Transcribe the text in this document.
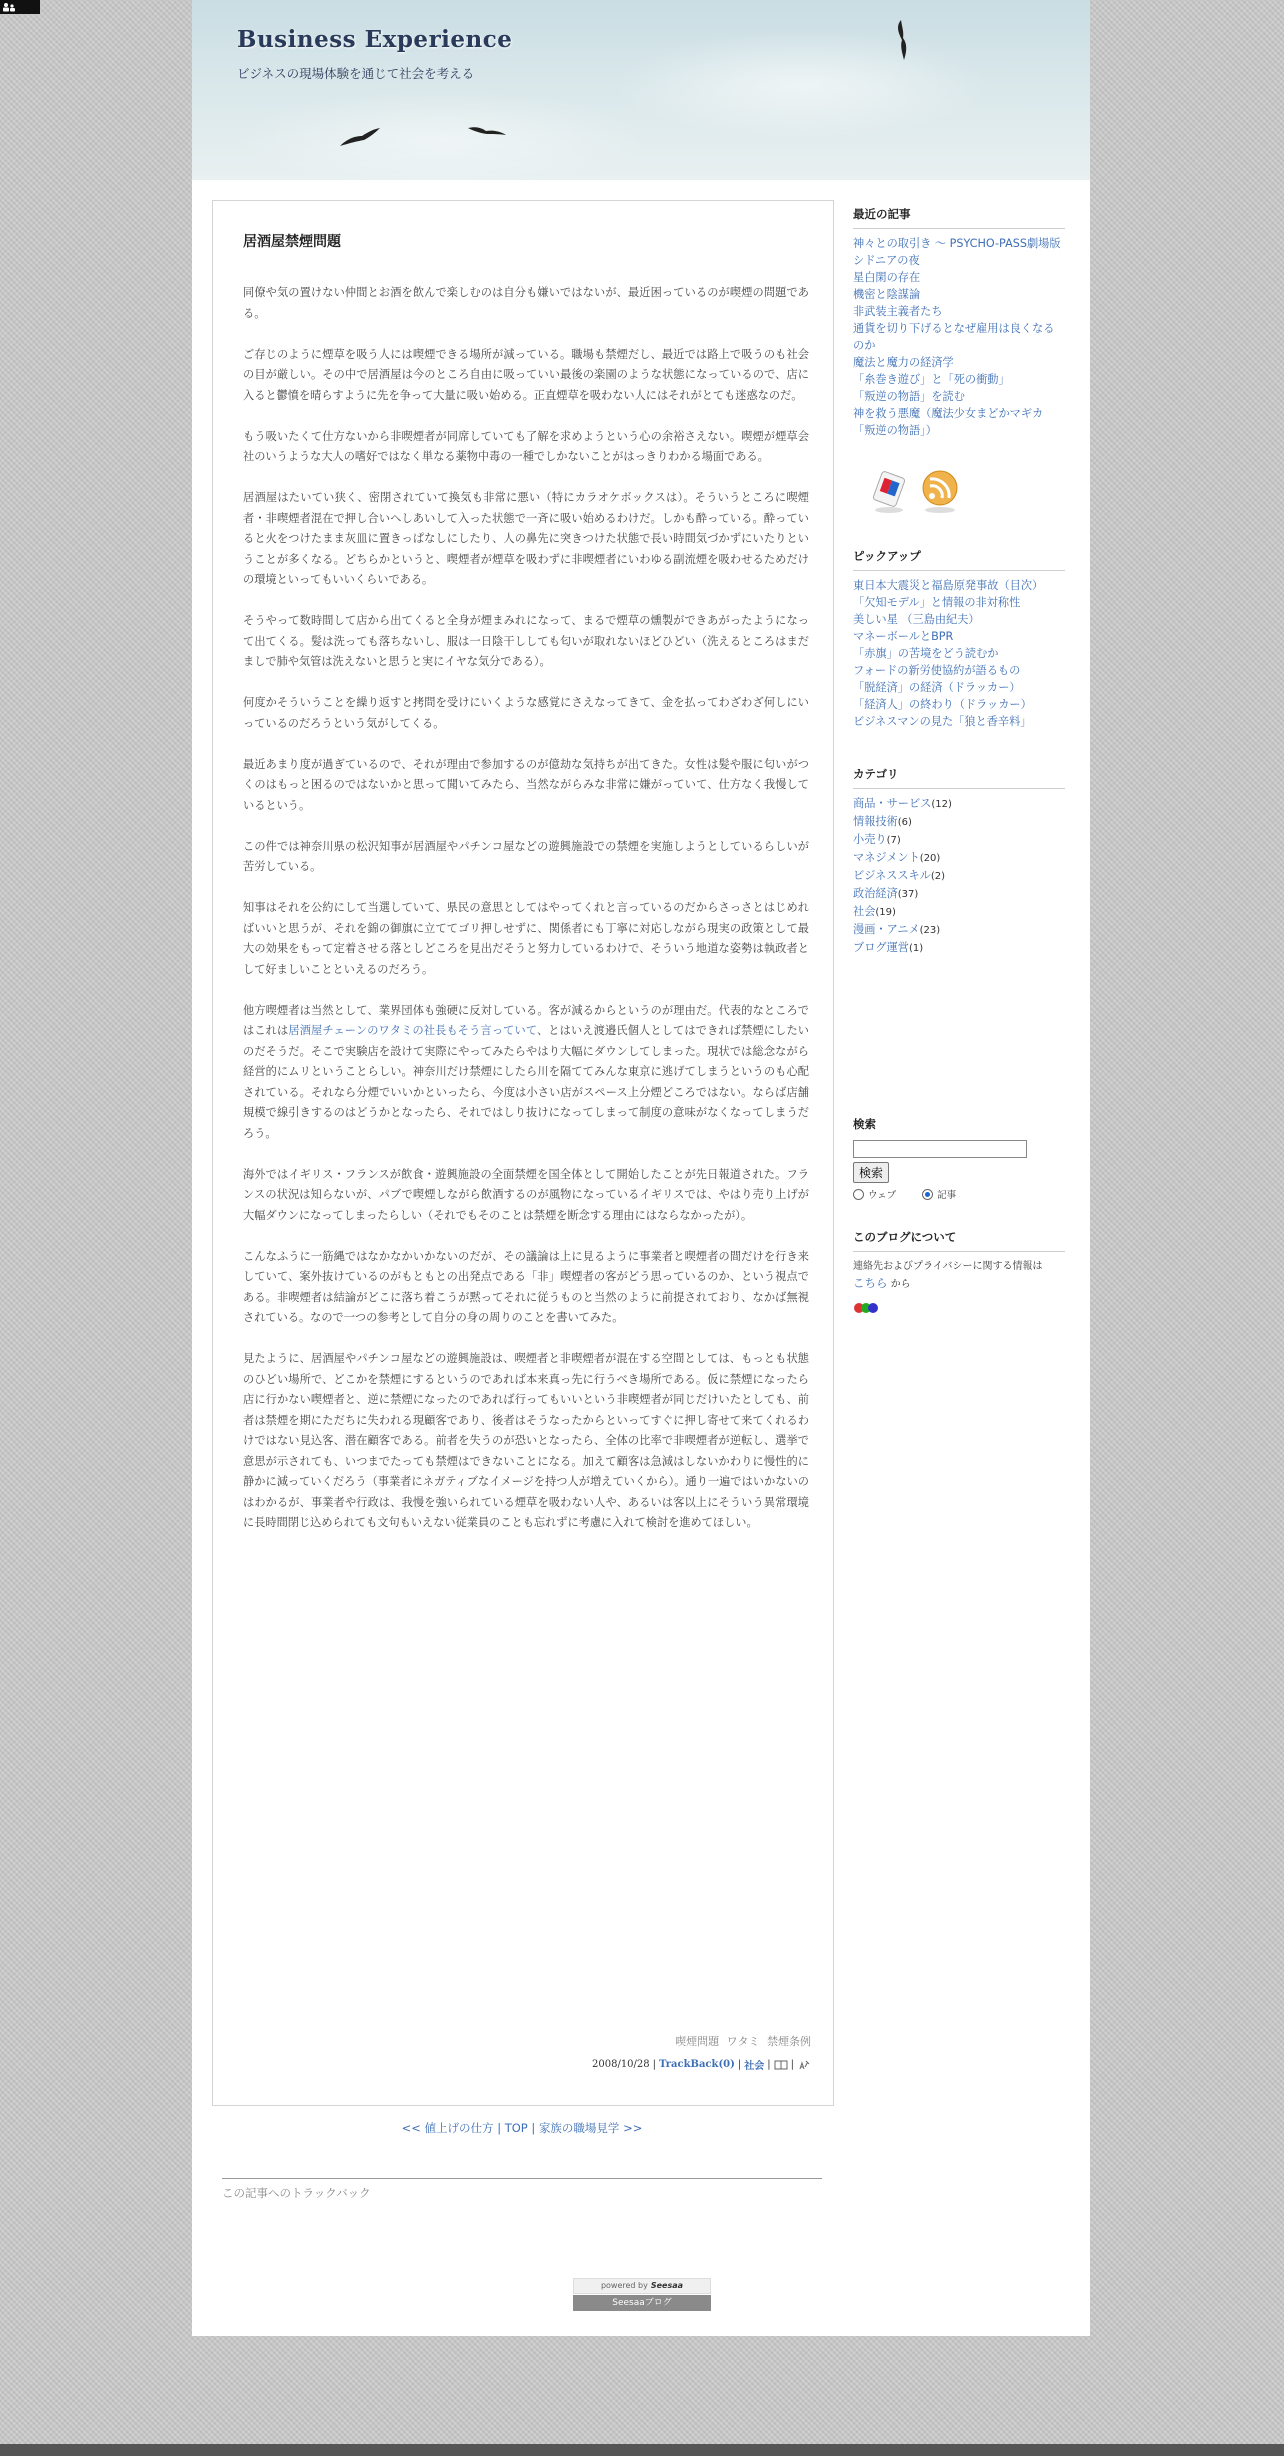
Business Experience

ビジネスの現場体験を通じて社会を考える

居酒屋禁煙問題

同僚や気の置けない仲間とお酒を飲んで楽しむのは自分も嫌いではないが、最近困っているのが喫煙の問題である。

ご存じのように煙草を吸う人には喫煙できる場所が減っている。職場も禁煙だし、最近では路上で吸うのも社会の目が厳しい。その中で居酒屋は今のところ自由に吸っていい最後の楽園のような状態になっているので、店に入ると鬱憤を晴らすように先を争って大量に吸い始める。正直煙草を吸わない人にはそれがとても迷惑なのだ。

もう吸いたくて仕方ないから非喫煙者が同席していても了解を求めようという心の余裕さえない。喫煙が煙草会社のいうような大人の嗜好ではなく単なる薬物中毒の一種でしかないことがはっきりわかる場面である。

居酒屋はたいてい狭く、密閉されていて換気も非常に悪い（特にカラオケボックスは）。そういうところに喫煙者・非喫煙者混在で押し合いへしあいして入った状態で一斉に吸い始めるわけだ。しかも酔っている。酔っていると火をつけたまま灰皿に置きっぱなしにしたり、人の鼻先に突きつけた状態で長い時間気づかずにいたりということが多くなる。どちらかというと、喫煙者が煙草を吸わずに非喫煙者にいわゆる副流煙を吸わせるためだけの環境といってもいいくらいである。

そうやって数時間して店から出てくると全身が煙まみれになって、まるで煙草の燻製ができあがったようになって出てくる。髪は洗っても落ちないし、服は一日陰干ししても匂いが取れないほどひどい（洗えるところはまだましで肺や気管は洗えないと思うと実にイヤな気分である）。

何度かそういうことを繰り返すと拷問を受けにいくような感覚にさえなってきて、金を払ってわざわざ何しにいっているのだろうという気がしてくる。

最近あまり度が過ぎているので、それが理由で参加するのが億劫な気持ちが出てきた。女性は髪や服に匂いがつくのはもっと困るのではないかと思って聞いてみたら、当然ながらみな非常に嫌がっていて、仕方なく我慢しているという。

この件では神奈川県の松沢知事が居酒屋やパチンコ屋などの遊興施設での禁煙を実施しようとしているらしいが苦労している。

知事はそれを公約にして当選していて、県民の意思としてはやってくれと言っているのだからさっさとはじめればいいと思うが、それを錦の御旗に立ててゴリ押しせずに、関係者にも丁寧に対応しながら現実の政策として最大の効果をもって定着させる落としどころを見出だそうと努力しているわけで、そういう地道な姿勢は執政者として好ましいことといえるのだろう。

他方喫煙者は当然として、業界団体も強硬に反対している。客が減るからというのが理由だ。代表的なところではこれは居酒屋チェーンのワタミの社長もそう言っていて、とはいえ渡邉氏個人としてはできれば禁煙にしたいのだそうだ。そこで実験店を設けて実際にやってみたらやはり大幅にダウンしてしまった。現状では総念ながら経営的にムリということらしい。神奈川だけ禁煙にしたら川を隔ててみんな東京に逃げてしまうというのも心配されている。それなら分煙でいいかといったら、今度は小さい店がスペース上分煙どころではない。ならば店舗規模で線引きするのはどうかとなったら、それではしり抜けになってしまって制度の意味がなくなってしまうだろう。

海外ではイギリス・フランスが飲食・遊興施設の全面禁煙を国全体として開始したことが先日報道された。フランスの状況は知らないが、パブで喫煙しながら飲酒するのが風物になっているイギリスでは、やはり売り上げが大幅ダウンになってしまったらしい（それでもそのことは禁煙を断念する理由にはならなかったが）。

こんなふうに一筋縄ではなかなかいかないのだが、その議論は上に見るように事業者と喫煙者の間だけを行き来していて、案外抜けているのがもともとの出発点である「非」喫煙者の客がどう思っているのか、という視点である。非喫煙者は結論がどこに落ち着こうが黙ってそれに従うものと当然のように前提されており、なかば無視されている。なので一つの参考として自分の身の周りのことを書いてみた。

見たように、居酒屋やパチンコ屋などの遊興施設は、喫煙者と非喫煙者が混在する空間としては、もっとも状態のひどい場所で、どこかを禁煙にするというのであれば本来真っ先に行うべき場所である。仮に禁煙になったら店に行かない喫煙者と、逆に禁煙になったのであれば行ってもいいという非喫煙者が同じだけいたとしても、前者は禁煙を期にただちに失われる現顧客であり、後者はそうなったからといってすぐに押し寄せて来てくれるわけではない見込客、潜在顧客である。前者を失うのが恐いとなったら、全体の比率で非喫煙者が逆転し、選挙で意思が示されても、いつまでたっても禁煙はできないことになる。加えて顧客は急減はしないかわりに慢性的に静かに減っていくだろう（事業者にネガティブなイメージを持つ人が増えていくから）。通り一遍ではいかないのはわかるが、事業者や行政は、我慢を強いられている煙草を吸わない人や、あるいは客以上にそういう異常環境に長時間閉じ込められても文句もいえない従業員のことも忘れずに考慮に入れて検討を進めてほしい。

喫煙問題 ワタミ 禁煙条例
2008/10/28 | TrackBack(0) | 社会 | |
<< 値上げの仕方 | TOP | 家族の職場見学 >>
この記事へのトラックバック
powered by Seesaa
Seesaaブログ
最近の記事
神々との取引き ～ PSYCHO-PASS劇場版
シドニアの夜
星白閑の存在
機密と陰謀論
非武装主義者たち
通貨を切り下げるとなぜ雇用は良くなるのか
魔法と魔力の経済学
「糸巻き遊び」と「死の衝動」
「叛逆の物語」を読む
神を救う悪魔（魔法少女まどかマギカ「叛逆の物語」）
ピックアップ
東日本大震災と福島原発事故（目次）
「欠知モデル」と情報の非対称性
美しい星 （三島由紀夫）
マネーボールとBPR
「赤旗」の苦境をどう読むか
フォードの新労使協約が語るもの
「脱経済」の経済（ドラッカー）
「経済人」の終わり（ドラッカー）
ビジネスマンの見た「狼と香辛料」
カテゴリ
商品・サービス(12)
情報技術(6)
小売り(7)
マネジメント(20)
ビジネススキル(2)
政治経済(37)
社会(19)
漫画・アニメ(23)
ブログ運営(1)
検索
検索
ウェブ	記事
このブログについて
連絡先およびプライバシーに関する情報は
こちら から
